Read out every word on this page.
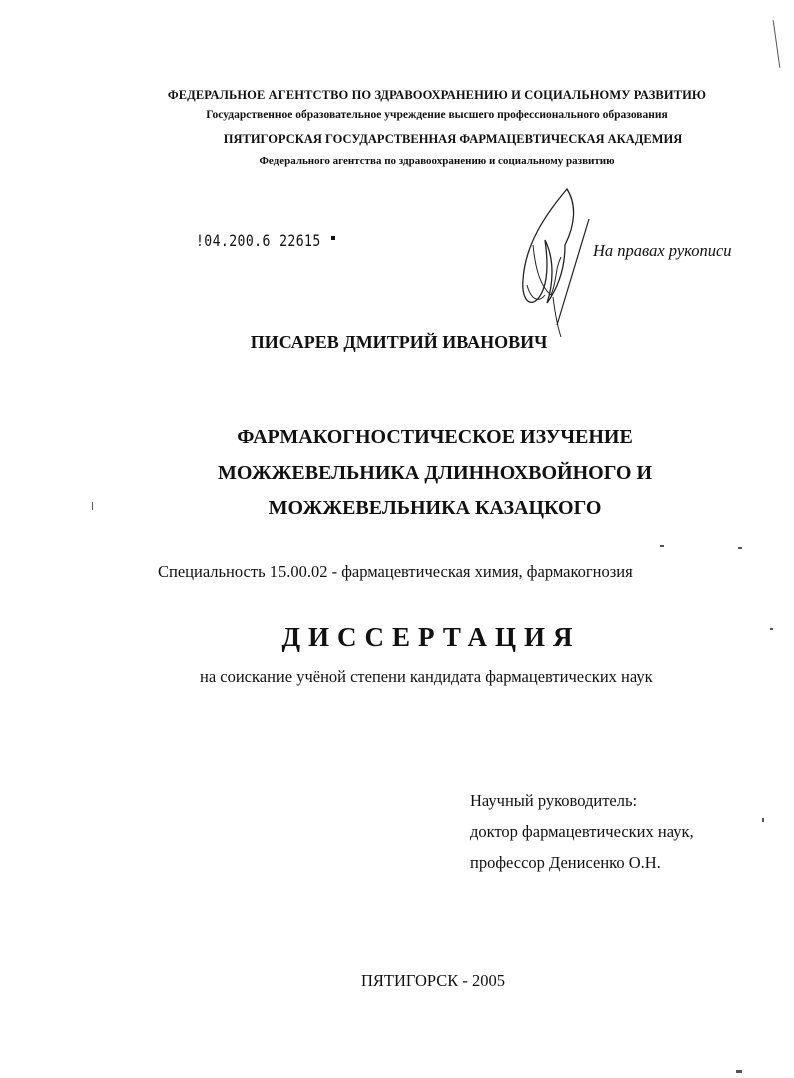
ФЕДЕРАЛЬНОЕ АГЕНТСТВО ПО ЗДРАВООХРАНЕНИЮ И СОЦИАЛЬНОМУ РАЗВИТИЮ
Государственное образовательное учреждение высшего профессионального образования
ПЯТИГОРСКАЯ ГОСУДАРСТВЕННАЯ ФАРМАЦЕВТИЧЕСКАЯ АКАДЕМИЯ
Федерального агентства по здравоохранению и социальному развитию
!04.200.6 22615
На правах рукописи
ПИСАРЕВ ДМИТРИЙ ИВАНОВИЧ
ФАРМАКОГНОСТИЧЕСКОЕ ИЗУЧЕНИЕ
МОЖЖЕВЕЛЬНИКА ДЛИННОХВОЙНОГО И
МОЖЖЕВЕЛЬНИКА КАЗАЦКОГО
Специальность 15.00.02 - фармацевтическая химия, фармакогнозия
ДИССЕРТАЦИЯ
на соискание учёной степени кандидата фармацевтических наук
Научный руководитель:
доктор фармацевтических наук,
профессор Денисенко О.Н.
ПЯТИГОРСК - 2005
